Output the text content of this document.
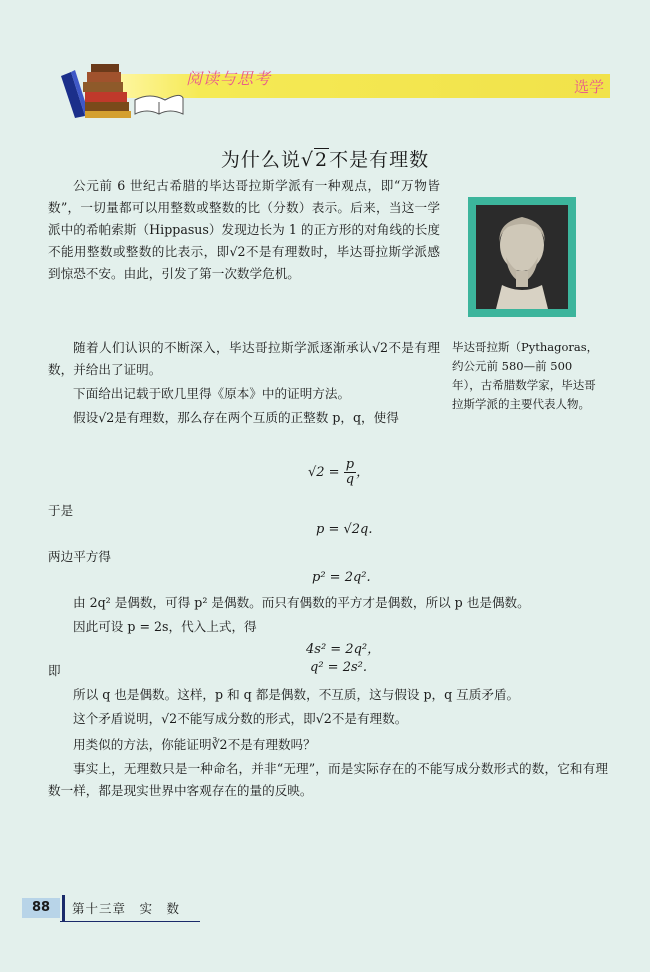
阅读与思考	选学
为什么说√2不是有理数
公元前 6 世纪古希腊的毕达哥拉斯学派有一种观点，即“万物皆数”，一切量都可以用整数或整数的比（分数）表示。后来，当这一学派中的希帕索斯（Hippasus）发现边长为 1 的正方形的对角线的长度不能用整数或整数的比表示，即√2不是有理数时，毕达哥拉斯学派感到惊恐不安。由此，引发了第一次数学危机。
随着人们认识的不断深入，毕达哥拉斯学派逐渐承认√2不是有理数，并给出了证明。
下面给出记载于欧几里得《原本》中的证明方法。
假设√2是有理数，那么存在两个互质的正整数 p，q，使得
毕达哥拉斯（Pythagoras，约公元前 580—前 500 年），古希腊数学家，毕达哥拉斯学派的主要代表人物。
$√2 = \frac{p}{q}$ ，
于是
p = √2q.
两边平方得
p² = 2q².
由 2q² 是偶数，可得 p² 是偶数。而只有偶数的平方才是偶数，所以 p 也是偶数。
因此可设 p = 2s，代入上式，得
4s² = 2q²，
即	q² = 2s².
所以 q 也是偶数。这样，p 和 q 都是偶数，不互质，这与假设 p，q 互质矛盾。
这个矛盾说明，√2不能写成分数的形式，即√2不是有理数。
用类似的方法，你能证明∛2不是有理数吗？
事实上，无理数只是一种命名，并非“无理”，而是实际存在的不能写成分数形式的数，它和有理数一样，都是现实世界中客观存在的量的反映。
88	第十三章　实　数
